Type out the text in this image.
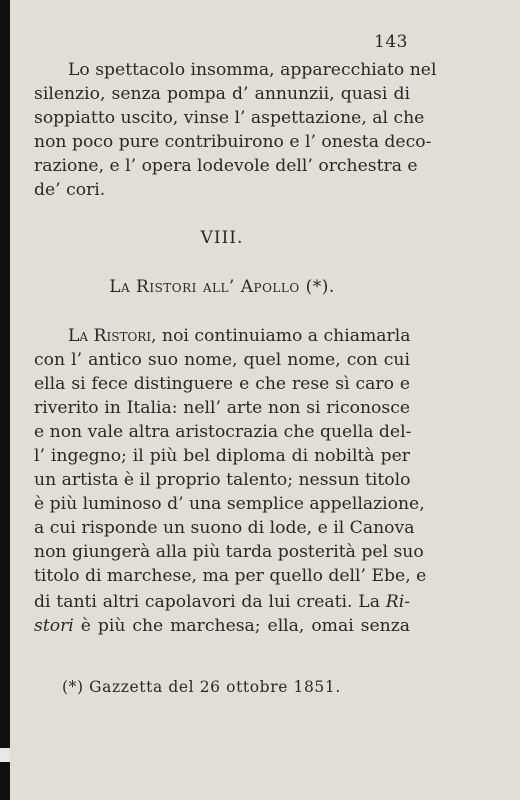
143
Lo spettacolo insomma, apparecchiato nel
silenzio, senza pompa d’ annunzii, quasi di
soppiatto uscito, vinse l’ aspettazione, al che
non poco pure contribuirono e l’ onesta deco-
razione, e l’ opera lodevole dell’ orchestra e
de’ cori.
VIII.
La Ristori all’ Apollo (*).
La Ristori, noi continuiamo a chiamarla
con l’ antico suo nome, quel nome, con cui
ella si fece distinguere e che rese sì caro e
riverito in Italia: nell’ arte non si riconosce
e non vale altra aristocrazia che quella del-
l’ ingegno; il più bel diploma di nobiltà per
un artista è il proprio talento; nessun titolo
è più luminoso d’ una semplice appellazione,
a cui risponde un suono di lode, e il Canova
non giungerà alla più tarda posterità pel suo
titolo di marchese, ma per quello dell’ Ebe, e
di tanti altri capolavori da lui creati. La Ri-
stori è più che marchesa; ella, omai senza
(*) Gazzetta del 26 ottobre 1851.
